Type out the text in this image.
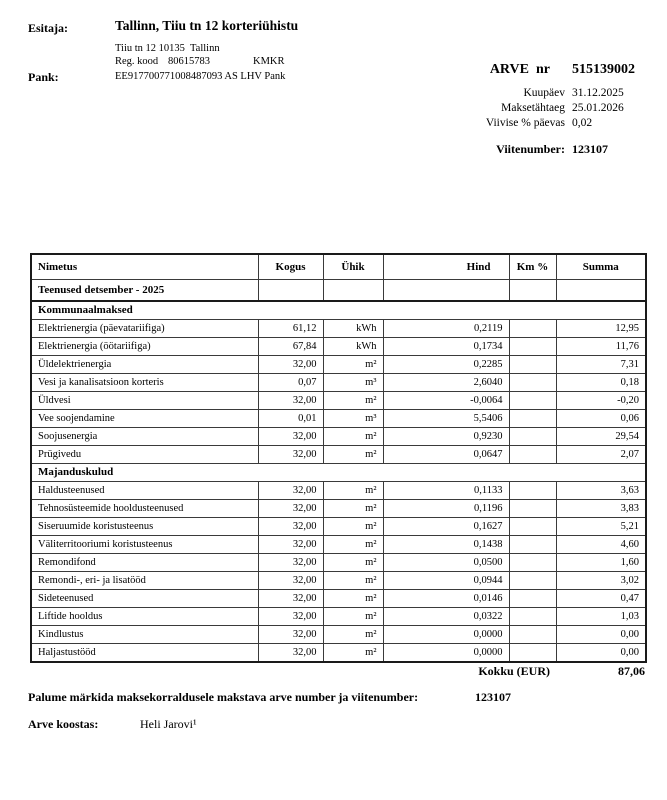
Esitaja:	Tallinn, Tiiu tn 12 korteriühistu
Tiiu tn 12 10135  Tallinn
Reg. kood 80615783	KMKR
Pank:	EE917700771008487093 AS LHV Pank	ARVE  nr 515139002
Kuupäev 31.12.2025
Maksetähtaeg 25.01.2026
Viivise % päevas 0,02
Viitenumber: 123107
Nimetus	Kogus	Ühik	Hind	Km %	Summa
Teenused detsember - 2025					
Kommunaalmaksed					
Elektrienergia (päevatariifiga)	61,12	kWh	0,2119		12,95
Elektrienergia (öötariifiga)	67,84	kWh	0,1734		11,76
Üldelektrienergia	32,00	m²	0,2285		7,31
Vesi ja kanalisatsioon korteris	0,07	m³	2,6040		0,18
Üldvesi	32,00	m²	-0,0064		-0,20
Vee soojendamine	0,01	m³	5,5406		0,06
Soojusenergia	32,00	m²	0,9230		29,54
Prügivedu	32,00	m²	0,0647		2,07
Majanduskulud					
Haldusteenused	32,00	m²	0,1133		3,63
Tehnosüsteemide hooldusteenused	32,00	m²	0,1196		3,83
Siseruumide koristusteenus	32,00	m²	0,1627		5,21
Väliterritooriumi koristusteenus	32,00	m²	0,1438		4,60
Remondifond	32,00	m²	0,0500		1,60
Remondi-, eri- ja lisatööd	32,00	m²	0,0944		3,02
Sideteenused	32,00	m²	0,0146		0,47
Liftide hooldus	32,00	m²	0,0322		1,03
Kindlustus	32,00	m²	0,0000		0,00
Haljastustööd	32,00	m²	0,0000		0,00
Kokku (EUR)	87,06
Palume märkida maksekorraldusele makstava arve number ja viitenumber:	123107
Arve koostas:	Heli Jarovi¹
